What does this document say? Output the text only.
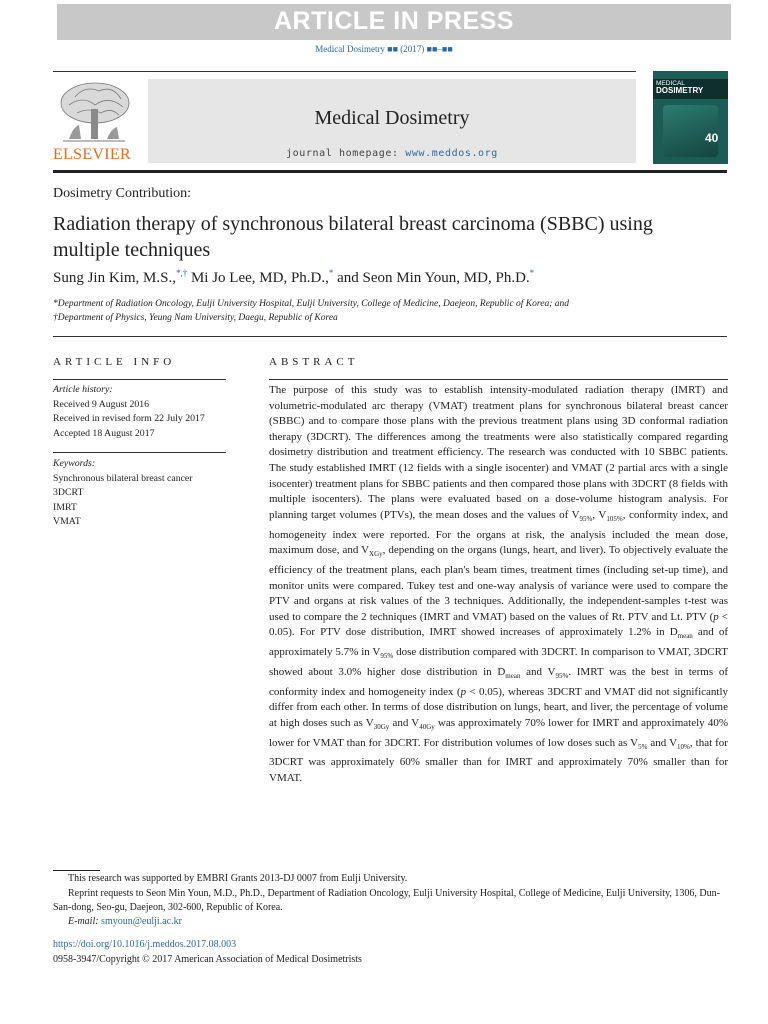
ARTICLE IN PRESS
Medical Dosimetry ■■ (2017) ■■–■■
ELSEVIER
Medical Dosimetry
journal homepage: www.meddos.org
MEDICAL
DOSIMETRY
40
Dosimetry Contribution:
Radiation therapy of synchronous bilateral breast carcinoma (SBBC) using multiple techniques
Sung Jin Kim, M.S.,*,† Mi Jo Lee, MD, Ph.D.,* and Seon Min Youn, MD, Ph.D.*
*Department of Radiation Oncology, Eulji University Hospital, Eulji University, College of Medicine, Daejeon, Republic of Korea; and
†Department of Physics, Yeung Nam University, Daegu, Republic of Korea
ARTICLE INFO	ABSTRACT
Article history:
Received 9 August 2016
Received in revised form 22 July 2017
Accepted 18 August 2017
Keywords:
Synchronous bilateral breast cancer
3DCRT
IMRT
VMAT
The purpose of this study was to establish intensity-modulated radiation therapy (IMRT) and volumetric-modulated arc therapy (VMAT) treatment plans for synchronous bilateral breast cancer (SBBC) and to compare those plans with the previous treatment plans using 3D conformal radiation therapy (3DCRT). The differences among the treatments were also statistically compared regarding dosimetry distribution and treatment efficiency. The research was conducted with 10 SBBC patients. The study established IMRT (12 fields with a single isocenter) and VMAT (2 partial arcs with a single isocenter) treatment plans for SBBC patients and then compared those plans with 3DCRT (8 fields with multiple isocenters). The plans were evaluated based on a dose-volume histogram analysis. For planning target volumes (PTVs), the mean doses and the values of $V_{95\%}$, $V_{105\%}$, conformity index, and homogeneity index were reported. For the organs at risk, the analysis included the mean dose, maximum dose, and $V_{XGy}$, depending on the organs (lungs, heart, and liver). To objectively evaluate the efficiency of the treatment plans, each plan's beam times, treatment times (including set-up time), and monitor units were compared. Tukey test and one-way analysis of variance were used to compare the PTV and organs at risk values of the 3 techniques. Additionally, the independent-samples t-test was used to compare the 2 techniques (IMRT and VMAT) based on the values of Rt. PTV and Lt. PTV (p < 0.05). For PTV dose distribution, IMRT showed increases of approximately 1.2% in $D_{mean}$ and of approximately 5.7% in $V_{95\%}$ dose distribution compared with 3DCRT. In comparison to VMAT, 3DCRT showed about 3.0% higher dose distribution in $D_{mean}$ and $V_{95\%}$. IMRT was the best in terms of conformity index and homogeneity index (p < 0.05), whereas 3DCRT and VMAT did not significantly differ from each other. In terms of dose distribution on lungs, heart, and liver, the percentage of volume at high doses such as $V_{30Gy}$ and $V_{40Gy}$ was approximately 70% lower for IMRT and approximately 40% lower for VMAT than for 3DCRT. For distribution volumes of low doses such as $V_{5\%}$ and $V_{10\%}$, that for 3DCRT was approximately 60% smaller than for IMRT and approximately 70% smaller than for VMAT.
This research was supported by EMBRI Grants 2013-DJ 0007 from Eulji University.
Reprint requests to Seon Min Youn, M.D., Ph.D., Department of Radiation Oncology, Eulji University Hospital, College of Medicine, Eulji University, 1306, Dun-San-dong, Seo-gu, Daejeon, 302-600, Republic of Korea.
E-mail: smyoun@eulji.ac.kr
https://doi.org/10.1016/j.meddos.2017.08.003
0958-3947/Copyright © 2017 American Association of Medical Dosimetrists
